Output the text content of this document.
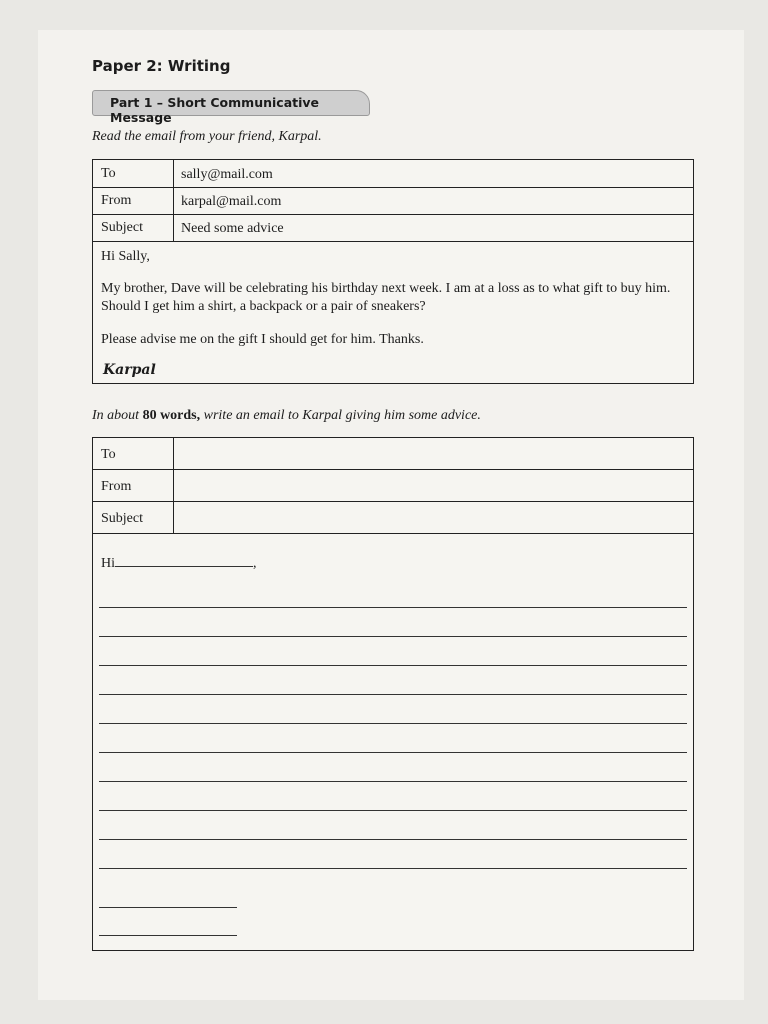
Paper 2: Writing
Part 1 – Short Communicative Message
Read the email from your friend, Karpal.
To	sally@mail.com
From	karpal@mail.com
Subject	Need some advice
Hi Sally,
My brother, Dave will be celebrating his birthday next week. I am at a loss as to what gift to buy him.
Should I get him a shirt, a backpack or a pair of sneakers?
Please advise me on the gift I should get for him. Thanks.
Karpal
In about 80 words, write an email to Karpal giving him some advice.
To
From
Subject
Hi	,
